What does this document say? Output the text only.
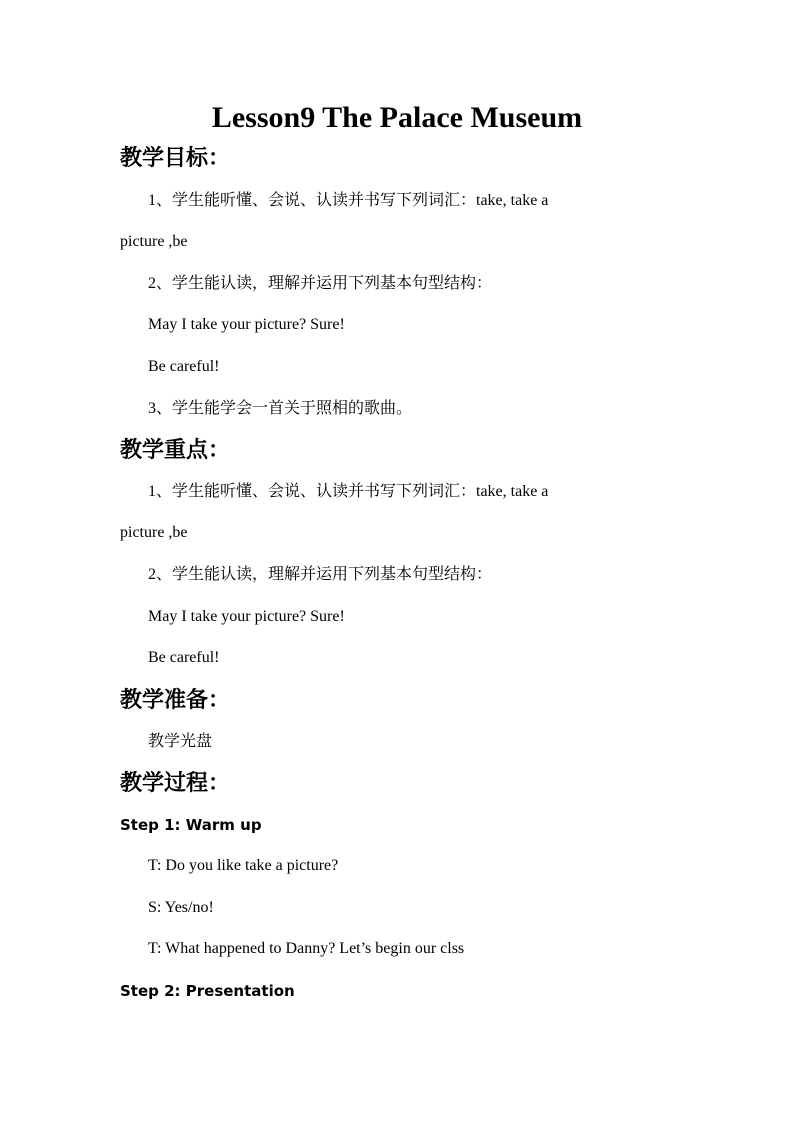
Lesson9 The Palace Museum
教学目标：
1、学生能听懂、会说、认读并书写下列词汇：take, take a
picture ,be
2、学生能认读，理解并运用下列基本句型结构：
May I take your picture? Sure!
Be careful!
3、学生能学会一首关于照相的歌曲。
教学重点：
1、学生能听懂、会说、认读并书写下列词汇：take, take a
picture ,be
2、学生能认读，理解并运用下列基本句型结构：
May I take your picture? Sure!
Be careful!
教学准备：
教学光盘
教学过程：
Step 1: Warm up
T: Do you like take a picture?
S: Yes/no!
T: What happened to Danny? Let’s begin our clss
Step 2: Presentation
